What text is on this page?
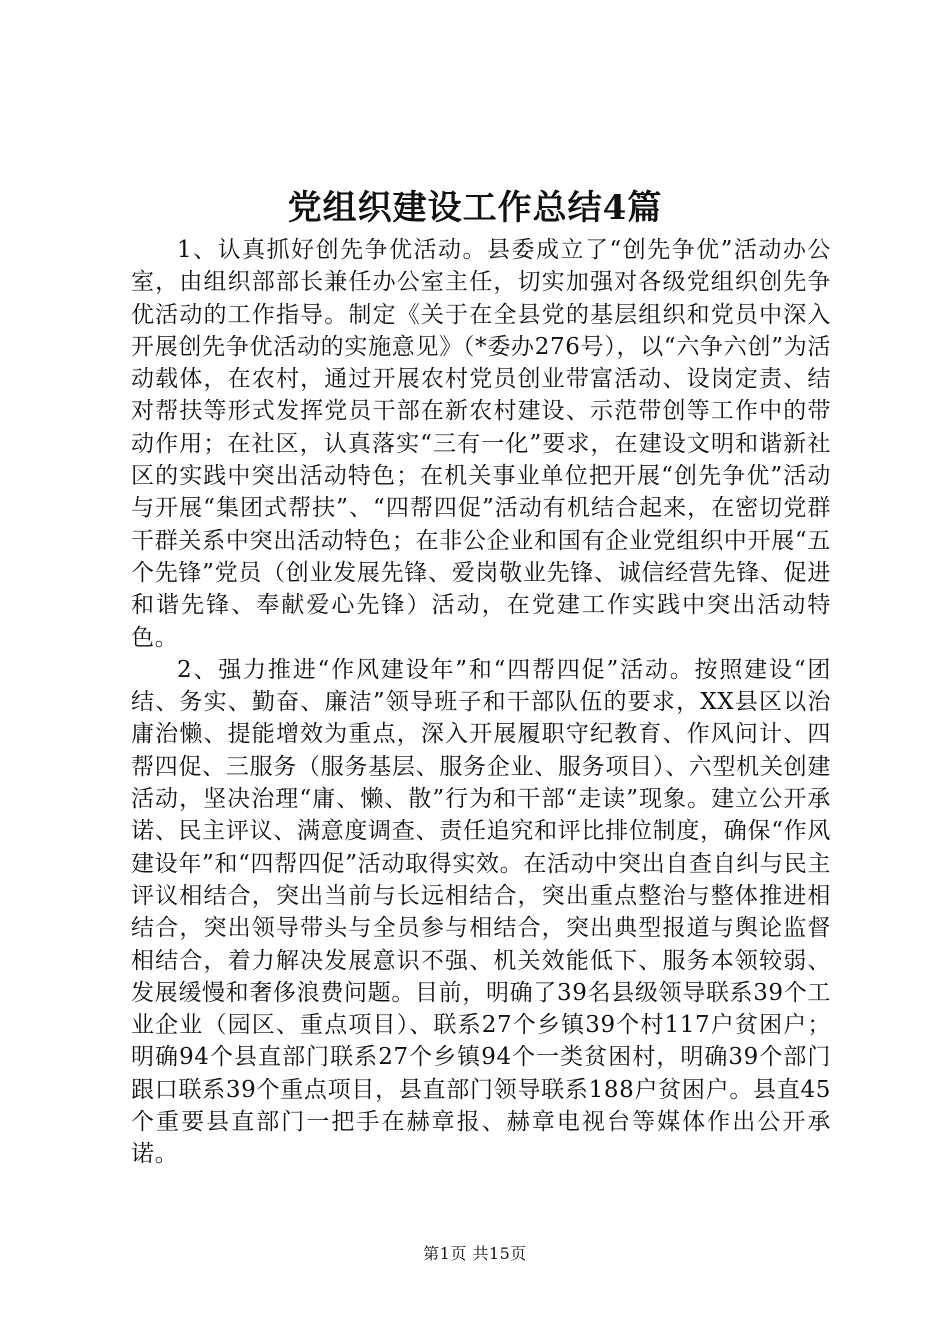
党组织建设工作总结4篇

1、认真抓好创先争优活动。县委成立了“创先争优”活动办公室，由组织部部长兼任办公室主任，切实加强对各级党组织创先争优活动的工作指导。制定《关于在全县党的基层组织和党员中深入开展创先争优活动的实施意见》（*委办276号），以“六争六创”为活动载体，在农村，通过开展农村党员创业带富活动、设岗定责、结对帮扶等形式发挥党员干部在新农村建设、示范带创等工作中的带动作用；在社区，认真落实“三有一化”要求，在建设文明和谐新社区的实践中突出活动特色；在机关事业单位把开展“创先争优”活动与开展“集团式帮扶”、“四帮四促”活动有机结合起来，在密切党群干群关系中突出活动特色；在非公企业和国有企业党组织中开展“五个先锋”党员（创业发展先锋、爱岗敬业先锋、诚信经营先锋、促进和谐先锋、奉献爱心先锋）活动，在党建工作实践中突出活动特色。

2、强力推进“作风建设年”和“四帮四促”活动。按照建设“团结、务实、勤奋、廉洁”领导班子和干部队伍的要求，XX县区以治庸治懒、提能增效为重点，深入开展履职守纪教育、作风问计、四帮四促、三服务（服务基层、服务企业、服务项目）、六型机关创建活动，坚决治理“庸、懒、散”行为和干部“走读”现象。建立公开承诺、民主评议、满意度调查、责任追究和评比排位制度，确保“作风建设年”和“四帮四促”活动取得实效。在活动中突出自查自纠与民主评议相结合，突出当前与长远相结合，突出重点整治与整体推进相结合，突出领导带头与全员参与相结合，突出典型报道与舆论监督相结合，着力解决发展意识不强、机关效能低下、服务本领较弱、发展缓慢和奢侈浪费问题。目前，明确了39名县级领导联系39个工业企业（园区、重点项目）、联系27个乡镇39个村117户贫困户；明确94个县直部门联系27个乡镇94个一类贫困村，明确39个部门跟口联系39个重点项目，县直部门领导联系188户贫困户。县直45个重要县直部门一把手在赫章报、赫章电视台等媒体作出公开承诺。

第1页 共15页
